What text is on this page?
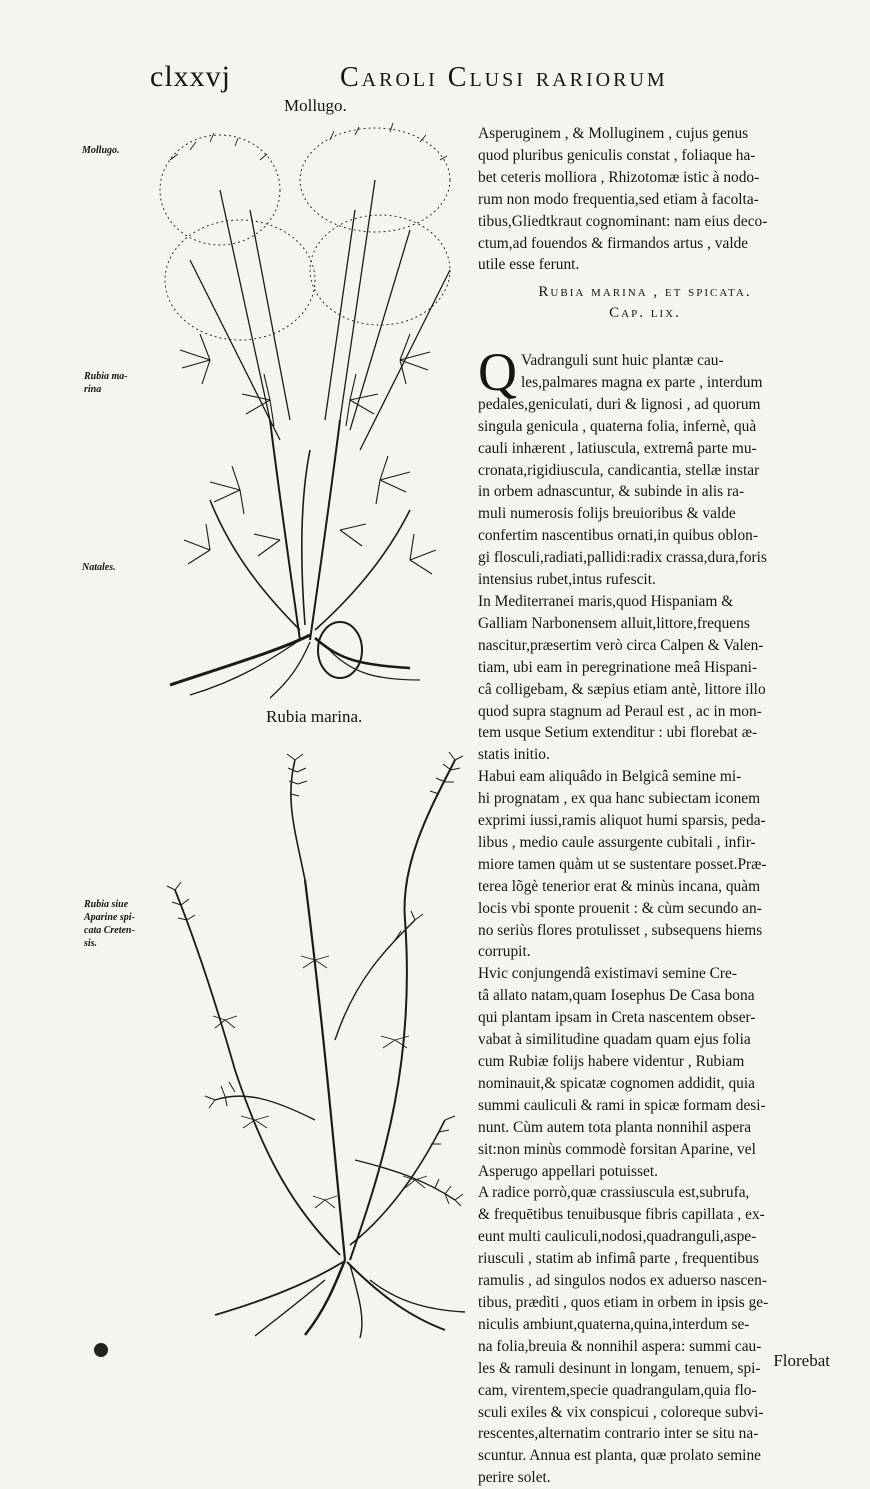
clxxvj	Caroli Clusi rariorum
Mollugo.
Mollugo.
Rubia ma-
rina
Natales.
Rubia siue
Aparine spi-
cata Creten-
sis.
Rubia marina.
Asperuginem , & Molluginem , cujus genus
quod pluribus geniculis constat , foliaque ha-
bet ceteris molliora , Rhizotomæ istic à nodo-
rum non modo frequentia,sed etiam à facolta-
tibus,Gliedtkraut cognominant: nam eius deco-
ctum,ad fouendos & firmandos artus , valde
utile esse ferunt.
Rubia marina , et spicata.
Cap. lix.
Q Vadranguli sunt huic plantæ cau-
les,palmares magna ex parte , interdum
pedales,geniculati, duri & lignosi , ad quorum
singula genicula , quaterna folia, infernè, quà
cauli inhærent , latiuscula, extremâ parte mu-
cronata,rigidiuscula, candicantia, stellæ instar
in orbem adnascuntur, & subinde in alis ra-
muli numerosis folijs breuioribus & valde
confertim nascentibus ornati,in quibus oblon-
gi flosculi,radiati,pallidi:radix crassa,dura,foris
intensius rubet,intus rufescit.
In Mediterranei maris,quod Hispaniam &
Galliam Narbonensem alluit,littore,frequens
nascitur,præsertim verò circa Calpen & Valen-
tiam, ubi eam in peregrinatione meâ Hispani-
câ colligebam, & sæpius etiam antè, littore illo
quod supra stagnum ad Peraul est , ac in mon-
tem usque Setium extenditur : ubi florebat æ-
statis initio.
Habui eam aliquâdo in Belgicâ semine mi-
hi prognatam , ex qua hanc subiectam iconem
exprimi iussi,ramis aliquot humi sparsis, peda-
libus , medio caule assurgente cubitali , infir-
miore tamen quàm ut se sustentare posset.Præ-
terea lõgè tenerior erat & minùs incana, quàm
locis vbi sponte prouenit : & cùm secundo an-
no seriùs flores protulisset , subsequens hiems
corrupit.
Hvic conjungendâ existimavi semine Cre-
tâ allato natam,quam Iosephus De Casa bona
qui plantam ipsam in Creta nascentem obser-
vabat à similitudine quadam quam ejus folia
cum Rubiæ folijs habere videntur , Rubiam
nominauit,& spicatæ cognomen addidit, quia
summi cauliculi & rami in spicæ formam desi-
nunt. Cùm autem tota planta nonnihil aspera
sit:non minùs commodè forsitan Aparine, vel
Asperugo appellari potuisset.
A radice porrò,quæ crassiuscula est,subrufa,
& frequētibus tenuibusque fibris capillata , ex-
eunt multi cauliculi,nodosi,quadranguli,aspe-
riusculi , statim ab infimâ parte , frequentibus
ramulis , ad singulos nodos ex aduerso nascen-
tibus, prædìti , quos etiam in orbem in ipsis ge-
niculis ambiunt,quaterna,quina,interdum se-
na folia,breuia & nonnihil aspera: summi cau-
les & ramuli desinunt in longam, tenuem, spi-
cam, virentem,specie quadrangulam,quia flo-
sculi exiles & vix conspicui , coloreque subvi-
rescentes,alternatim contrario inter se situ na-
scuntur. Annua est planta, quæ prolato semine
perire solet.
Florebat
